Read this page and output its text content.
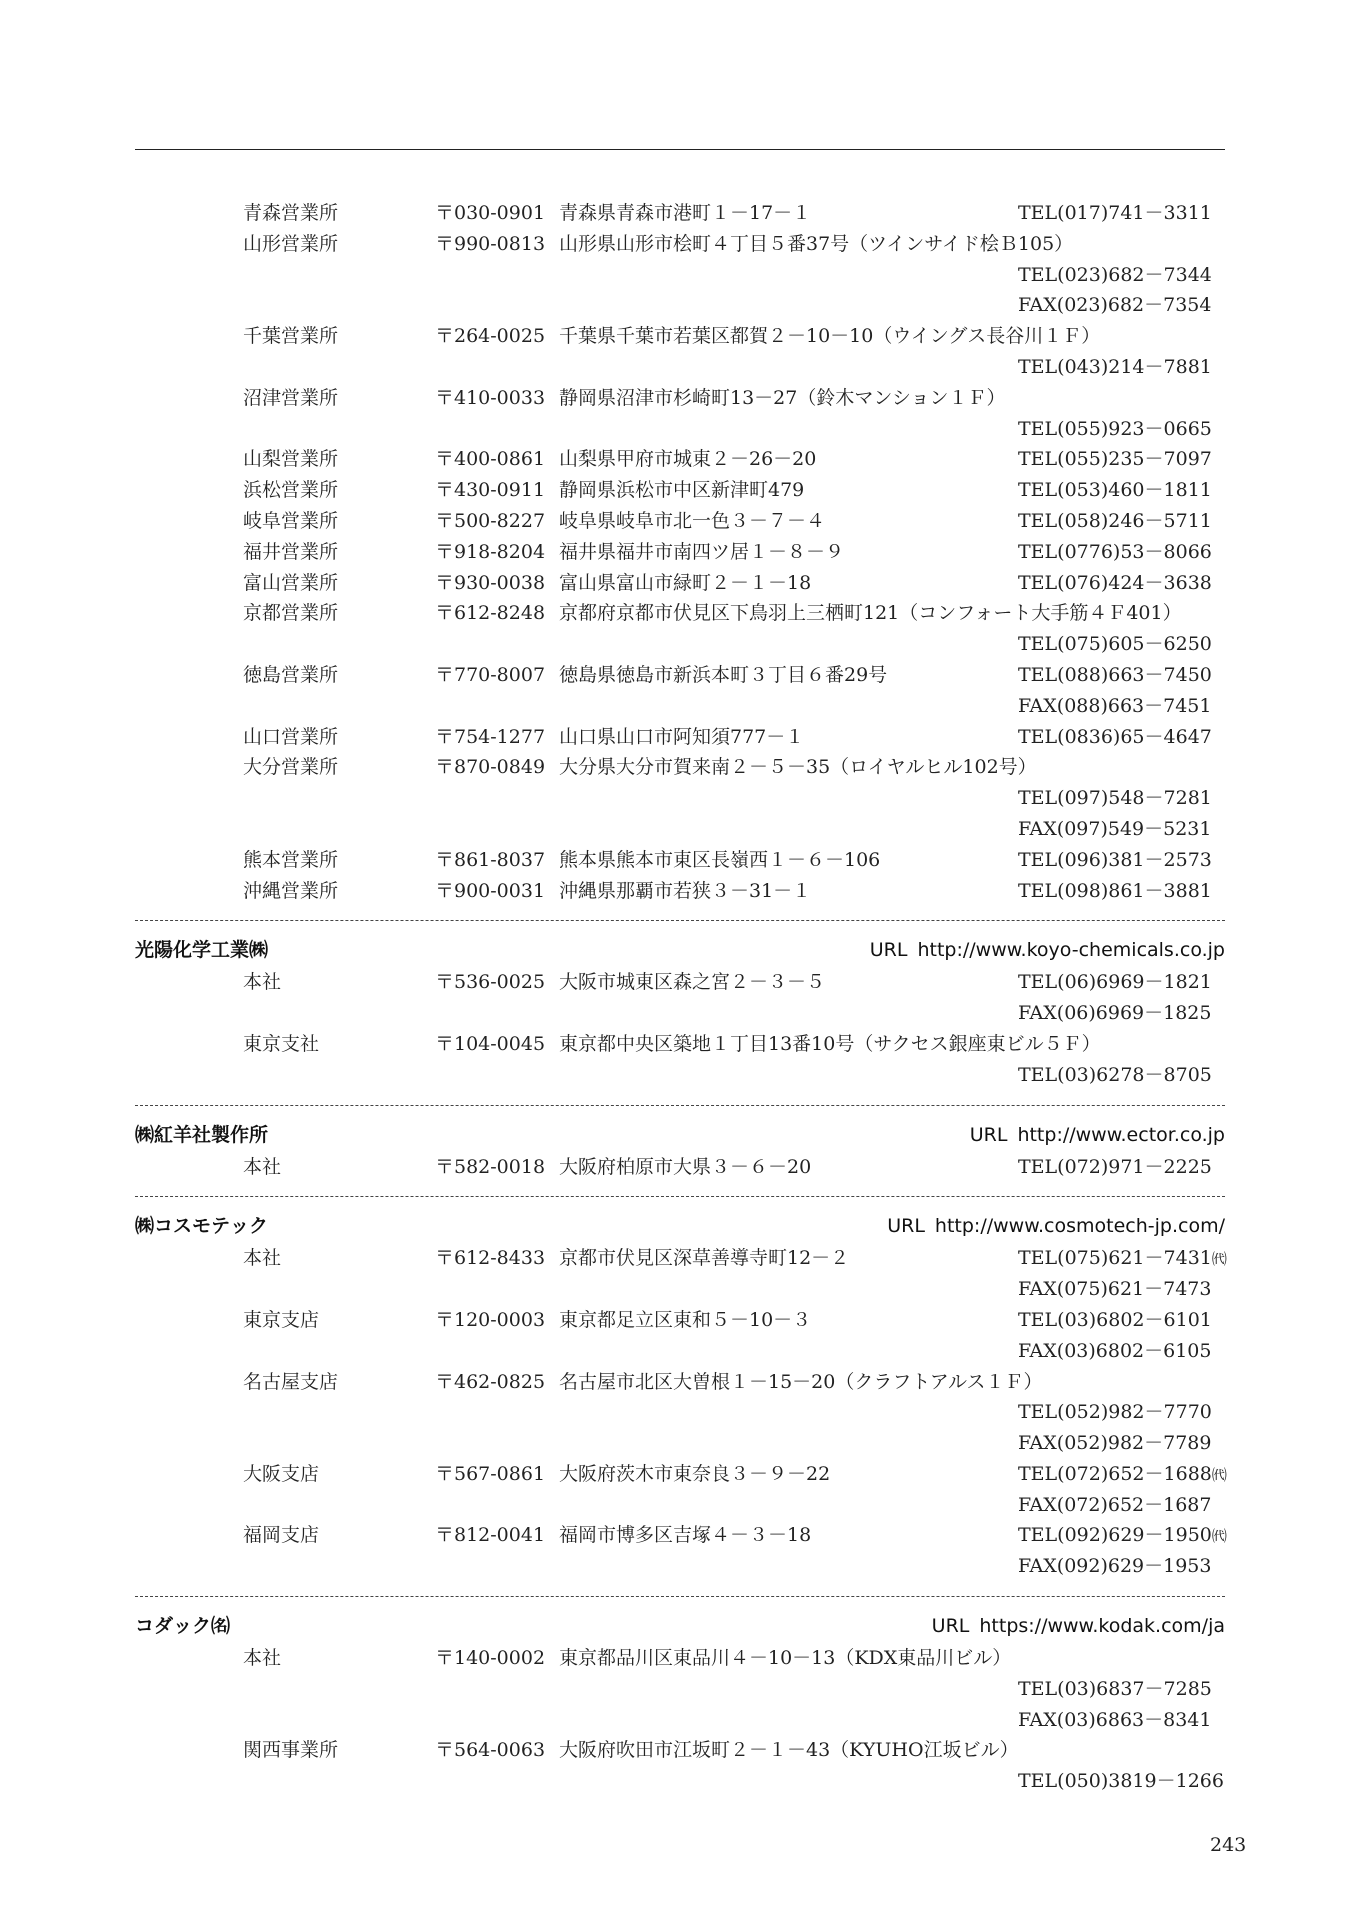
青森営業所	〒030-0901 青森県青森市港町１－17－１	TEL(017)741－3311
山形営業所	〒990-0813 山形県山形市桧町４丁目５番37号（ツインサイド桧Ｂ105）
TEL(023)682－7344
FAX(023)682－7354
千葉営業所	〒264-0025 千葉県千葉市若葉区都賀２－10－10（ウイングス長谷川１Ｆ）
TEL(043)214－7881
沼津営業所	〒410-0033 静岡県沼津市杉崎町13－27（鈴木マンション１Ｆ）
TEL(055)923－0665
山梨営業所	〒400-0861 山梨県甲府市城東２－26－20	TEL(055)235－7097
浜松営業所	〒430-0911 静岡県浜松市中区新津町479	TEL(053)460－1811
岐阜営業所	〒500-8227 岐阜県岐阜市北一色３－７－４	TEL(058)246－5711
福井営業所	〒918-8204 福井県福井市南四ツ居１－８－９	TEL(0776)53－8066
富山営業所	〒930-0038 富山県富山市緑町２－１－18	TEL(076)424－3638
京都営業所	〒612-8248 京都府京都市伏見区下鳥羽上三栖町121（コンフォート大手筋４Ｆ401）
TEL(075)605－6250
徳島営業所	〒770-8007 徳島県徳島市新浜本町３丁目６番29号	TEL(088)663－7450
FAX(088)663－7451
山口営業所	〒754-1277 山口県山口市阿知須777－１	TEL(0836)65－4647
大分営業所	〒870-0849 大分県大分市賀来南２－５－35（ロイヤルヒル102号）
TEL(097)548－7281
FAX(097)549－5231
熊本営業所	〒861-8037 熊本県熊本市東区長嶺西１－６－106	TEL(096)381－2573
沖縄営業所	〒900-0031 沖縄県那覇市若狭３－31－１	TEL(098)861－3881
光陽化学工業㈱	URL http://www.koyo-chemicals.co.jp
本社	〒536-0025 大阪市城東区森之宮２－３－５	TEL(06)6969－1821
FAX(06)6969－1825
東京支社	〒104-0045 東京都中央区築地１丁目13番10号（サクセス銀座東ビル５Ｆ）
TEL(03)6278－8705
㈱紅羊社製作所	URL http://www.ector.co.jp
本社	〒582-0018 大阪府柏原市大県３－６－20	TEL(072)971－2225
㈱コスモテック	URL http://www.cosmotech-jp.com/
本社	〒612-8433 京都市伏見区深草善導寺町12－２	TEL(075)621－7431㈹
FAX(075)621－7473
東京支店	〒120-0003 東京都足立区東和５－10－３	TEL(03)6802－6101
FAX(03)6802－6105
名古屋支店	〒462-0825 名古屋市北区大曽根１－15－20（クラフトアルス１Ｆ）
TEL(052)982－7770
FAX(052)982－7789
大阪支店	〒567-0861 大阪府茨木市東奈良３－９－22	TEL(072)652－1688㈹
FAX(072)652－1687
福岡支店	〒812-0041 福岡市博多区吉塚４－３－18	TEL(092)629－1950㈹
FAX(092)629－1953
コダック㈴	URL https://www.kodak.com/ja
本社	〒140-0002 東京都品川区東品川４－10－13（KDX東品川ビル）
TEL(03)6837－7285
FAX(03)6863－8341
関西事業所	〒564-0063 大阪府吹田市江坂町２－１－43（KYUHO江坂ビル）
TEL(050)3819－1266
243
